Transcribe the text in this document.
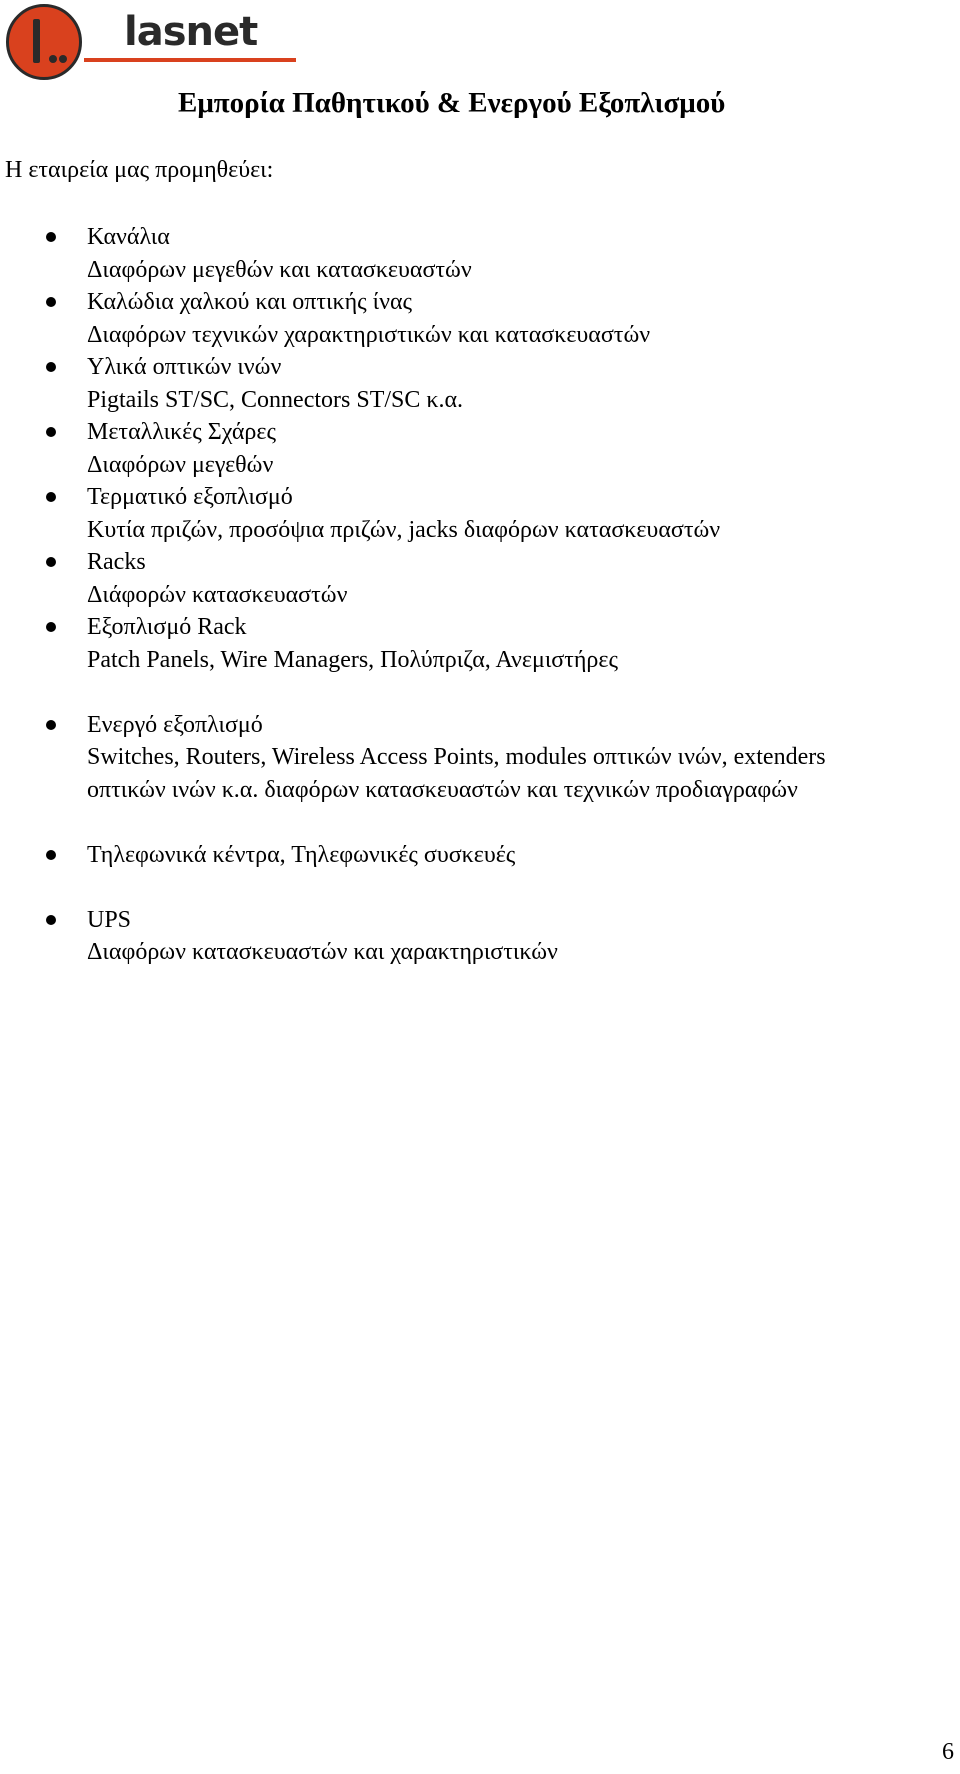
lasnet
Εμπορία Παθητικού & Ενεργού Εξοπλισμού
Η εταιρεία μας προμηθεύει:
Κανάλια
Διαφόρων μεγεθών και κατασκευαστών
Καλώδια χαλκού και οπτικής ίνας
Διαφόρων τεχνικών χαρακτηριστικών και κατασκευαστών
Υλικά οπτικών ινών
Pigtails ST/SC, Connectors ST/SC κ.α.
Μεταλλικές Σχάρες
Διαφόρων μεγεθών
Τερματικό εξοπλισμό
Κυτία πριζών, προσόψια πριζών, jacks διαφόρων κατασκευαστών
Racks
Διάφορών κατασκευαστών
Εξοπλισμό Rack
Patch Panels, Wire Managers, Πολύπριζα, Ανεμιστήρες
Ενεργό εξοπλισμό
Switches, Routers, Wireless Access Points, modules οπτικών ινών, extenders
οπτικών ινών κ.α. διαφόρων κατασκευαστών και τεχνικών προδιαγραφών
Τηλεφωνικά κέντρα, Τηλεφωνικές συσκευές
UPS
Διαφόρων κατασκευαστών και χαρακτηριστικών
6
